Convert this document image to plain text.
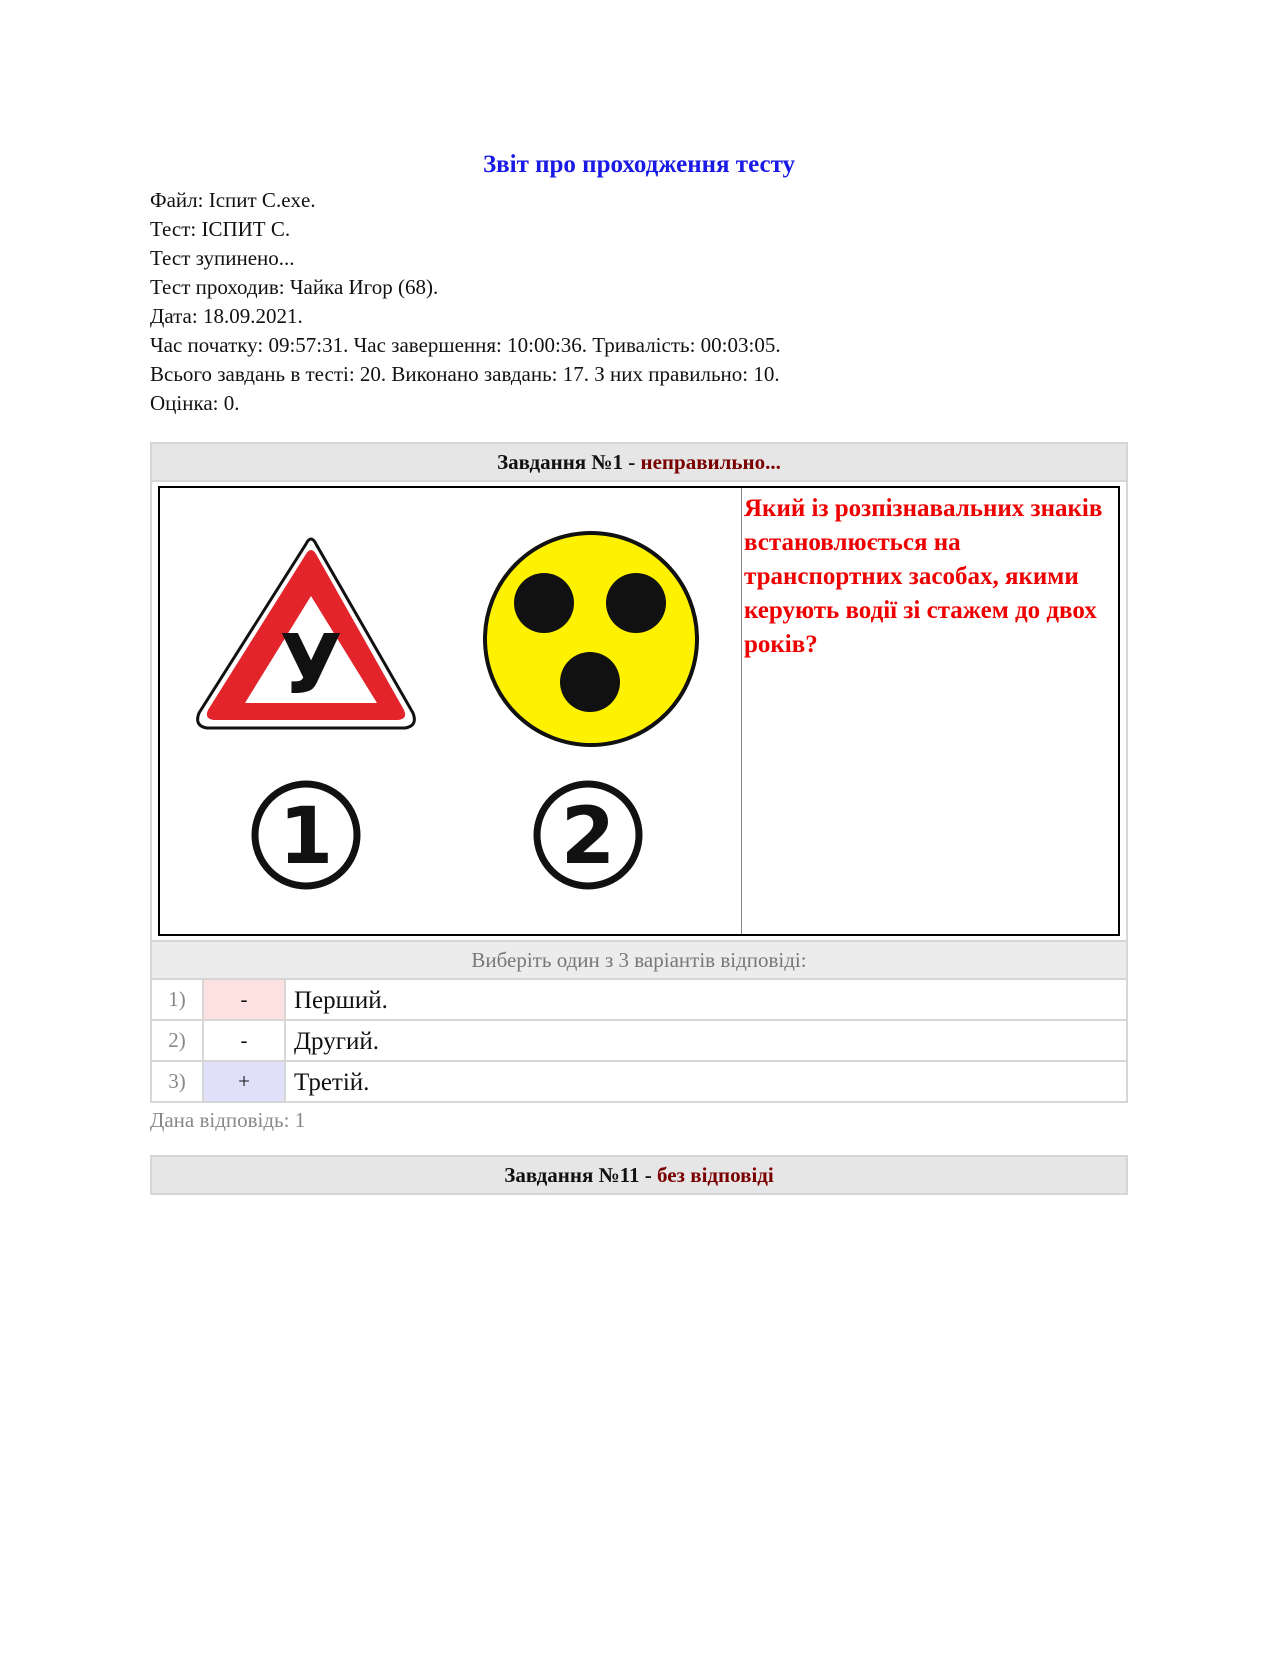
Звіт про проходження тесту

Файл: Іспит С.exe.

Тест: ІСПИТ С.

Тест зупинено...

Тест проходив: Чайка Игор (68).

Дата: 18.09.2021.

Час початку: 09:57:31. Час завершення: 10:00:36. Тривалість: 00:03:05.

Всього завдань в тесті: 20. Виконано завдань: 17. З них правильно: 10.

Оцінка: 0.

Завдання №1 - неправильно...
У
1	2
Який із розпізнавальних знаків встановлюється на транспортних засобах, якими керують водії зі стажем до двох років?
Виберіть один з 3 варіантів відповіді:
1)	-	Перший.
2)	-	Другий.
3)	+	Третій.
Дана відповідь: 1
Завдання №11 - без відповіді
